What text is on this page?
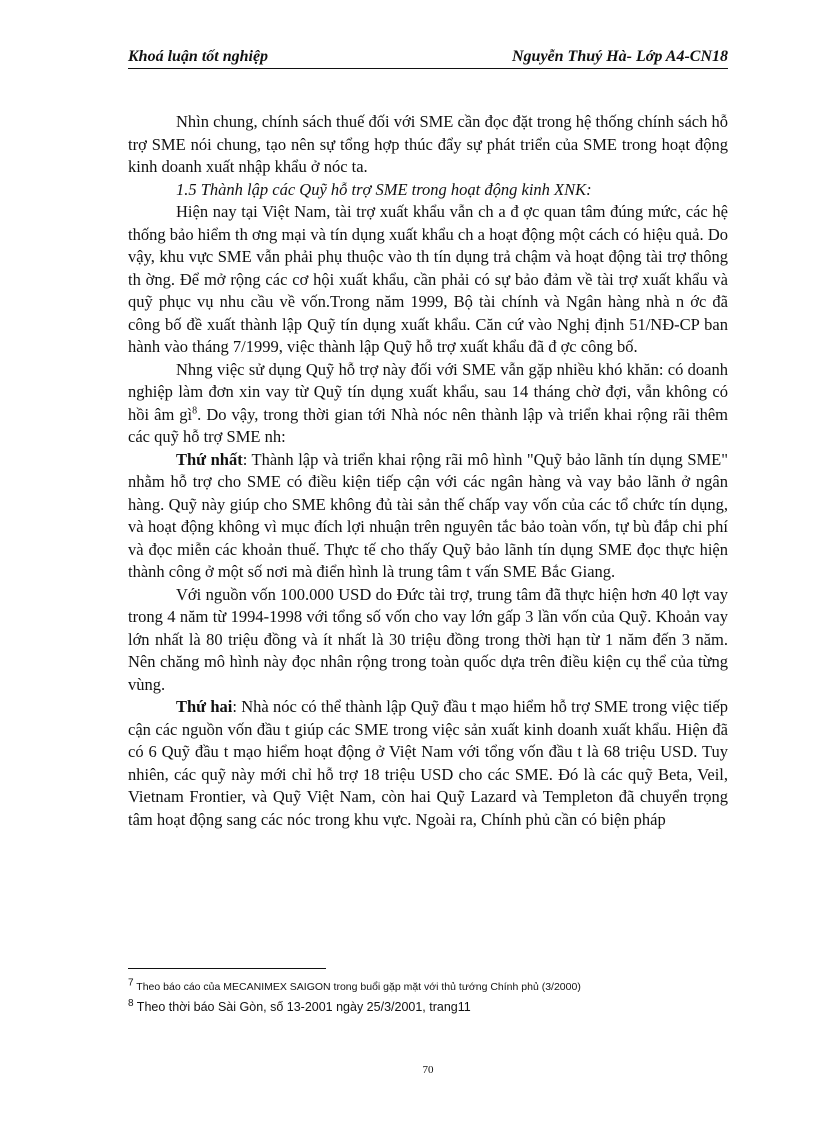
Khoá luận tốt nghiệp	Nguyễn Thuý Hà- Lớp A4-CN18

Nhìn chung, chính sách thuế đối với SME cần đọc đặt trong hệ thống chính sách hỗ trợ SME nói chung, tạo nên sự tổng hợp thúc đẩy sự phát triển của SME trong hoạt động kinh doanh xuất nhập khẩu ở nóc ta.

1.5 Thành lập các Quỹ hỗ trợ SME trong hoạt động kinh XNK:

Hiện nay tại Việt Nam, tài trợ xuất khẩu vẫn ch a đ ợc quan tâm đúng mức, các hệ thống bảo hiểm th ơng mại và tín dụng xuất khẩu ch a hoạt động một cách có hiệu quả. Do vậy, khu vực SME vẫn phải phụ thuộc vào th tín dụng trả chậm và hoạt động tài trợ thông th ờng. Để mở rộng các cơ hội xuất khẩu, cần phải có sự bảo đảm về tài trợ xuất khẩu và quỹ phục vụ nhu cầu về vốn.Trong năm 1999, Bộ tài chính và Ngân hàng nhà n ớc đã công bố đề xuất thành lập Quỹ tín dụng xuất khẩu. Căn cứ vào Nghị định 51/NĐ-CP ban hành vào tháng 7/1999, việc thành lập Quỹ hỗ trợ xuất khẩu đã đ ợc công bố.

Nhng việc sử dụng Quỹ hỗ trợ này đối với SME vẫn gặp nhiều khó khăn: có doanh nghiệp làm đơn xin vay từ Quỹ tín dụng xuất khẩu, sau 14 tháng chờ đợi, vẫn không có hồi âm $gì^8$. Do vậy, trong thời gian tới Nhà nóc nên thành lập và triển khai rộng rãi thêm các quỹ hỗ trợ SME nh:

Thứ nhất: Thành lập và triển khai rộng rãi mô hình "Quỹ bảo lãnh tín dụng SME" nhằm hỗ trợ cho SME có điều kiện tiếp cận với các ngân hàng và vay bảo lãnh ở ngân hàng. Quỹ này giúp cho SME không đủ tài sản thế chấp vay vốn của các tổ chức tín dụng, và hoạt động không vì mục đích lợi nhuận trên nguyên tắc bảo toàn vốn, tự bù đắp chi phí và đọc miễn các khoản thuế. Thực tế cho thấy Quỹ bảo lãnh tín dụng SME đọc thực hiện thành công ở một số nơi mà điển hình là trung tâm t vấn SME Bắc Giang.

Với nguồn vốn 100.000 USD do Đức tài trợ, trung tâm đã thực hiện hơn 40 lợt vay trong 4 năm từ 1994-1998 với tổng số vốn cho vay lớn gấp 3 lần vốn của Quỹ. Khoản vay lớn nhất là 80 triệu đồng và ít nhất là 30 triệu đồng trong thời hạn từ 1 năm đến 3 năm. Nên chăng mô hình này đọc nhân rộng trong toàn quốc dựa trên điều kiện cụ thể của từng vùng.

Thứ hai: Nhà nóc có thể thành lập Quỹ đầu t mạo hiểm hỗ trợ SME trong việc tiếp cận các nguồn vốn đầu t giúp các SME trong việc sản xuất kinh doanh xuất khẩu. Hiện đã có 6 Quỹ đầu t mạo hiểm hoạt động ở Việt Nam với tổng vốn đầu t là 68 triệu USD. Tuy nhiên, các quỹ này mới chỉ hỗ trợ 18 triệu USD cho các SME. Đó là các quỹ Beta, Veil, Vietnam Frontier, và Quỹ Việt Nam, còn hai Quỹ Lazard và Templeton đã chuyển trọng tâm hoạt động sang các nóc trong khu vực. Ngoài ra, Chính phủ cần có biện pháp

$^7$ Theo báo cáo của MECANIMEX SAIGON trong buổi gặp mặt với thủ tướng Chính phủ (3/2000)
$^8$ Theo thời báo Sài Gòn, số 13-2001 ngày 25/3/2001, trang11
70
